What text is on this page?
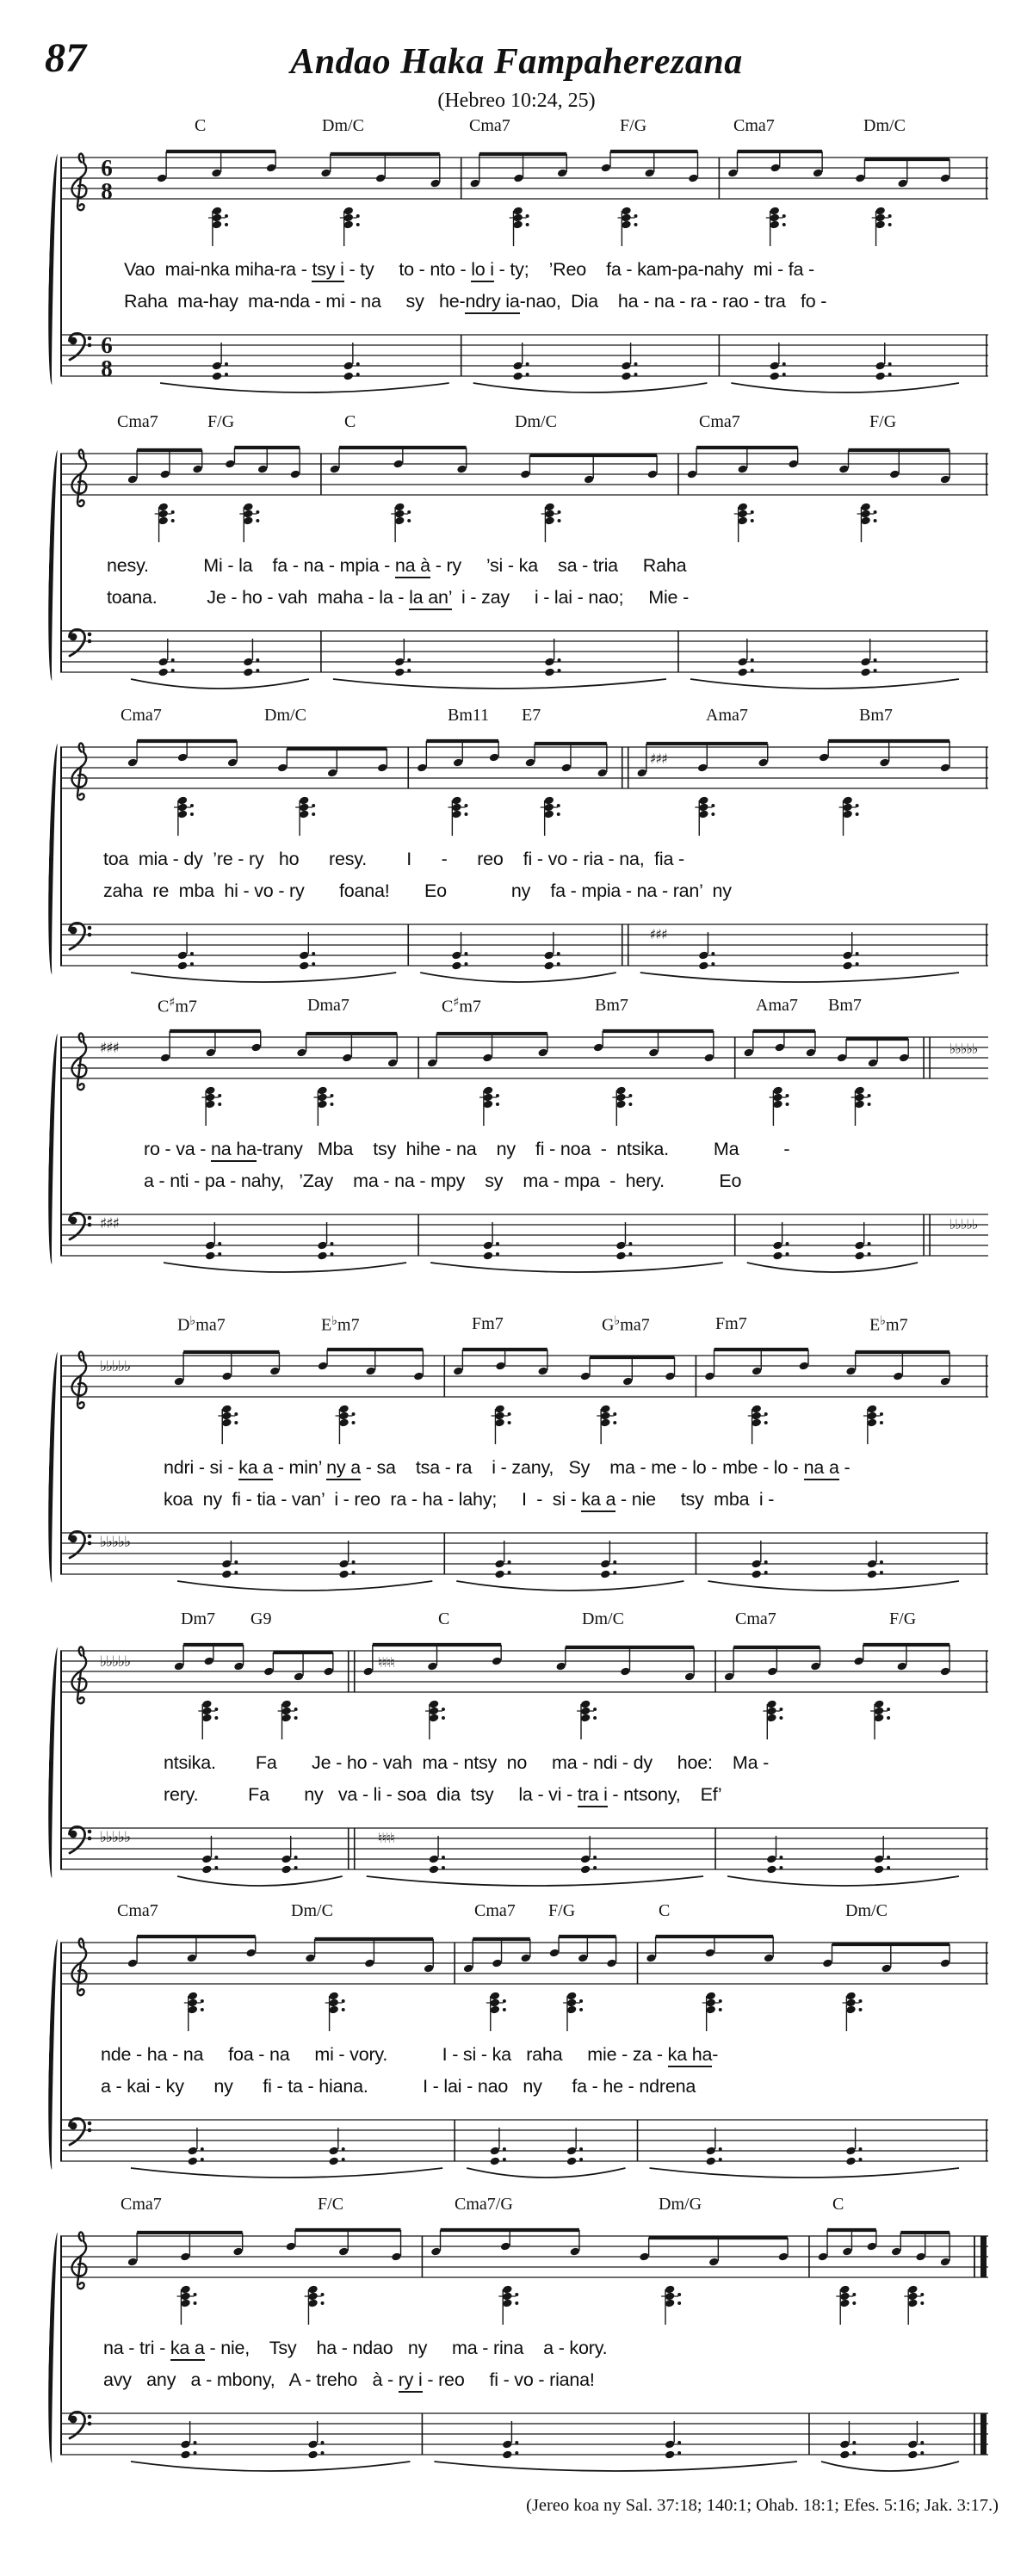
87	Andao Haka Fampaherezana
(Hebreo 10:24, 25)
C	Dm/C	Cma7	F/G	Cma7	Dm/C
6
8
Vao  mai-nka miha-ra - tsy i - ty     to - nto - lo i - ty;    ’Reo    fa - kam-pa-nahy  mi - fa -
Raha  ma-hay  ma-nda - mi - na     sy   he-ndry ia-nao,  Dia    ha - na - ra - rao - tra   fo -
6
8
Cma7	F/G	C	Dm/C	Cma7	F/G
nesy.           Mi - la    fa - na - mpia - na à - ry     ’si - ka    sa - tria     Raha
toana.          Je - ho - vah  maha - la - la an’  i - zay     i - lai - nao;     Mie -
Cma7	Dm/C	Bm11 E7	Ama7	Bm7
♯♯♯
toa  mia - dy  ’re - ry   ho      resy.        I      -      reo    fi - vo - ria - na,  fia -
zaha  re  mba  hi - vo - ry       foana!       Eo             ny    fa - mpia - na - ran’  ny
♯♯♯
C♯m7	Dma7	C♯m7	Bm7	Ama7 Bm7
♯♯♯	♭♭♭♭♭
ro - va - na ha-trany   Mba    tsy  hihe - na    ny    fi - noa  -  ntsika.         Ma         -
a - nti - pa - nahy,   ’Zay    ma - na - mpy    sy    ma - mpa  -  hery.           Eo
♯♯♯	♭♭♭♭♭
D♭ma7	E♭m7	Fm7	G♭ma7	Fm7	E♭m7
♭♭♭♭♭
ndri - si - ka a - min’ ny a - sa    tsa - ra    i - zany,   Sy    ma - me - lo - mbe - lo - na a -
koa  ny  fi - tia - van’  i - reo  ra - ha - lahy;     I  -  si - ka a - nie     tsy  mba  i -
♭♭♭♭♭
Dm7 G9	C	Dm/C	Cma7	F/G
♭♭♭♭♭	♮♮♮♮
ntsika.        Fa       Je - ho - vah  ma - ntsy  no     ma - ndi - dy     hoe:    Ma -
rery.          Fa       ny   va - li - soa  dia  tsy     la - vi - tra i - ntsony,    Ef’
♭♭♭♭♭	♮♮♮♮
Cma7	Dm/C	Cma7 F/G	C	Dm/C
nde - ha - na     foa - na     mi - vory.           I - si - ka   raha     mie - za - ka ha-
a - kai - ky      ny      fi - ta - hiana.           I - lai - nao   ny      fa - he - ndrena
Cma7	F/C	Cma7/G	Dm/G	C
na - tri - ka a - nie,    Tsy    ha - ndao   ny     ma - rina    a - kory.
avy   any   a - mbony,   A - treho   à - ry i - reo     fi - vo - riana!
(Jereo koa ny Sal. 37:18; 140:1; Ohab. 18:1; Efes. 5:16; Jak. 3:17.)
